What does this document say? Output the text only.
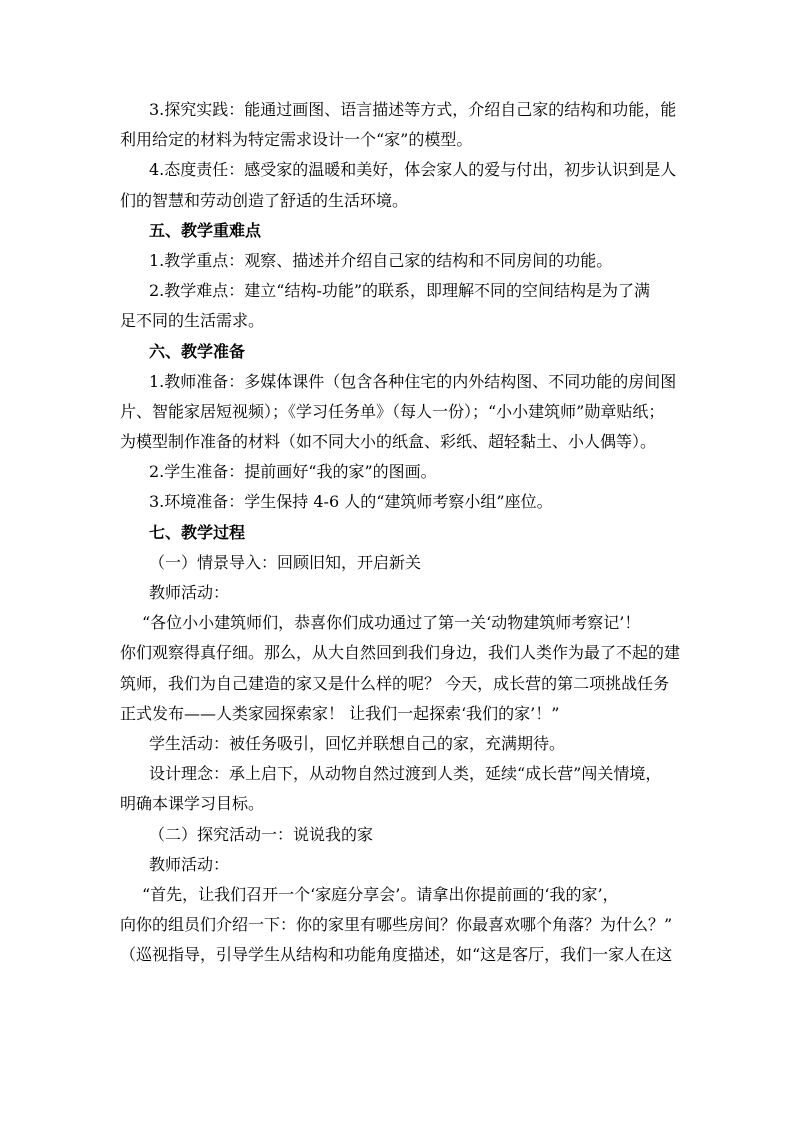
3.探究实践：能通过画图、语言描述等方式，介绍自己家的结构和功能，能
利用给定的材料为特定需求设计一个“家”的模型。
4.态度责任：感受家的温暖和美好，体会家人的爱与付出，初步认识到是人
们的智慧和劳动创造了舒适的生活环境。
五、教学重难点
1.教学重点：观察、描述并介绍自己家的结构和不同房间的功能。
2.教学难点：建立“结构-功能”的联系，即理解不同的空间结构是为了满
足不同的生活需求。
六、教学准备
1.教师准备：多媒体课件（包含各种住宅的内外结构图、不同功能的房间图
片、智能家居短视频）；《学习任务单》（每人一份）；“小小建筑师”勋章贴纸；
为模型制作准备的材料（如不同大小的纸盒、彩纸、超轻黏土、小人偶等）。
2.学生准备：提前画好“我的家”的图画。
3.环境准备：学生保持 4-6 人的“建筑师考察小组”座位。
七、教学过程
（一）情景导入：回顾旧知，开启新关
教师活动：
“各位小小建筑师们，恭喜你们成功通过了第一关‘动物建筑师考察记’！
你们观察得真仔细。那么，从大自然回到我们身边，我们人类作为最了不起的建
筑师，我们为自己建造的家又是什么样的呢？ 今天，成长营的第二项挑战任务
正式发布——人类家园探索家！ 让我们一起探索‘我们的家’！”
学生活动：被任务吸引，回忆并联想自己的家，充满期待。
设计理念：承上启下，从动物自然过渡到人类，延续“成长营”闯关情境，
明确本课学习目标。
（二）探究活动一：说说我的家
教师活动：
“首先，让我们召开一个‘家庭分享会’。请拿出你提前画的‘我的家’，
向你的组员们介绍一下：你的家里有哪些房间？你最喜欢哪个角落？为什么？”
（巡视指导，引导学生从结构和功能角度描述，如“这是客厅，我们一家人在这
